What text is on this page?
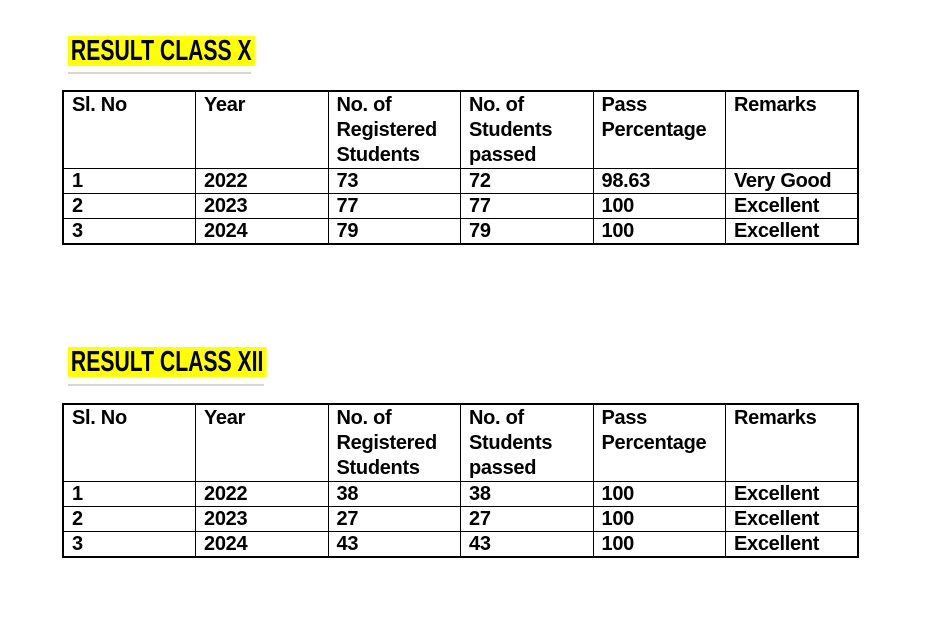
RESULT CLASS X
Sl. No	Year	No. of Registered Students	No. of Students passed	Pass Percentage	Remarks
1	2022	73	72	98.63	Very Good
2	2023	77	77	100	Excellent
3	2024	79	79	100	Excellent
RESULT CLASS XII
Sl. No	Year	No. of Registered Students	No. of Students passed	Pass Percentage	Remarks
1	2022	38	38	100	Excellent
2	2023	27	27	100	Excellent
3	2024	43	43	100	Excellent
